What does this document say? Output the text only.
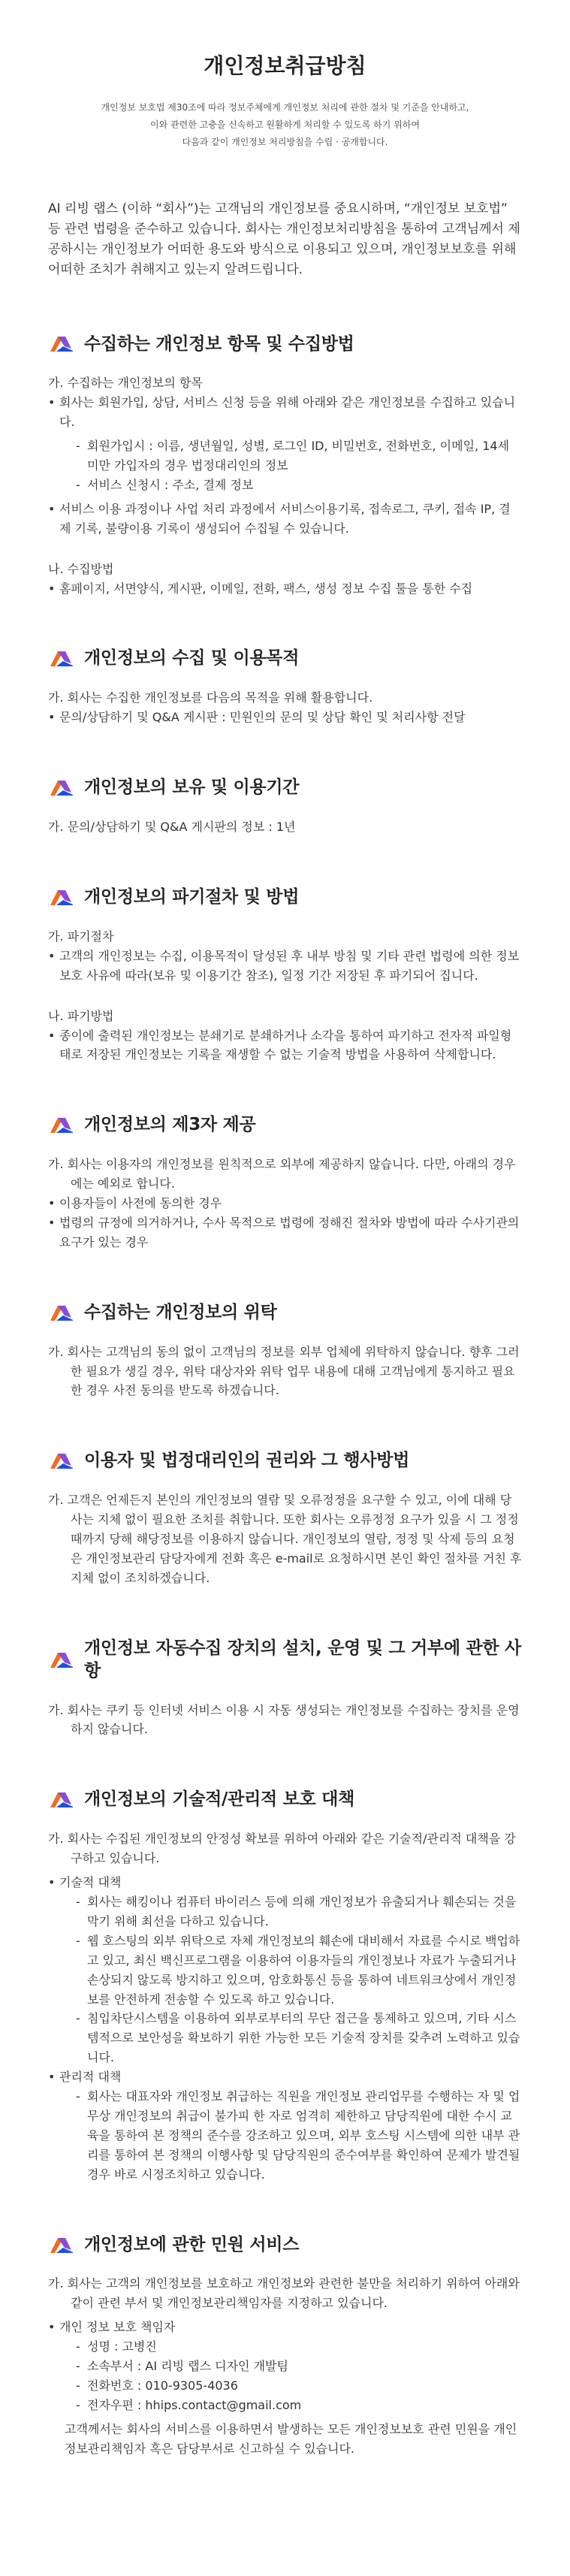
개인정보취급방침
개인정보 보호법 제30조에 따라 정보주체에게 개인정보 처리에 관한 절차 및 기준을 안내하고,
이와 관련한 고충을 신속하고 원활하게 처리할 수 있도록 하기 위하여
다음과 같이 개인정보 처리방침을 수립 · 공개합니다.

AI 리빙 랩스 (이하 “회사”)는 고객님의 개인정보를 중요시하며, “개인정보 보호법” 등 관련 법령을 준수하고 있습니다. 회사는 개인정보처리방침을 통하여 고객님께서 제공하시는 개인정보가 어떠한 용도와 방식으로 이용되고 있으며, 개인정보보호를 위해 어떠한 조치가 취해지고 있는지 알려드립니다.

수집하는 개인정보 항목 및 수집방법
가. 수집하는 개인정보의 항목
• 회사는 회원가입, 상담, 서비스 신청 등을 위해 아래와 같은 개인정보를 수집하고 있습니다.
- 회원가입시 : 이름, 생년월일, 성별, 로그인 ID, 비밀번호, 전화번호, 이메일, 14세 미만 가입자의 경우 법정대리인의 정보
- 서비스 신청시 : 주소, 결제 정보
• 서비스 이용 과정이나 사업 처리 과정에서 서비스이용기록, 접속로그, 쿠키, 접속 IP, 결제 기록, 불량이용 기록이 생성되어 수집될 수 있습니다.
나. 수집방법
• 홈페이지, 서면양식, 게시판, 이메일, 전화, 팩스, 생성 정보 수집 툴을 통한 수집
개인정보의 수집 및 이용목적
가. 회사는 수집한 개인정보를 다음의 목적을 위해 활용합니다.
• 문의/상담하기 및 Q&A 게시판 : 민원인의 문의 및 상담 확인 및 처리사항 전달
개인정보의 보유 및 이용기간
가. 문의/상담하기 및 Q&A 게시판의 정보 : 1년
개인정보의 파기절차 및 방법
가. 파기절차
• 고객의 개인정보는 수집, 이용목적이 달성된 후 내부 방침 및 기타 관련 법령에 의한 정보 보호 사유에 따라(보유 및 이용기간 참조), 일정 기간 저장된 후 파기되어 집니다.
나. 파기방법
• 종이에 출력된 개인정보는 분쇄기로 분쇄하거나 소각을 통하여 파기하고 전자적 파일형태로 저장된 개인정보는 기록을 재생할 수 없는 기술적 방법을 사용하여 삭제합니다.
개인정보의 제3자 제공
가. 회사는 이용자의 개인정보를 원칙적으로 외부에 제공하지 않습니다. 다만, 아래의 경우에는 예외로 합니다.
• 이용자들이 사전에 동의한 경우
• 법령의 규정에 의거하거나, 수사 목적으로 법령에 정해진 절차와 방법에 따라 수사기관의 요구가 있는 경우
수집하는 개인정보의 위탁
가. 회사는 고객님의 동의 없이 고객님의 정보를 외부 업체에 위탁하지 않습니다. 향후 그러한 필요가 생길 경우, 위탁 대상자와 위탁 업무 내용에 대해 고객님에게 통지하고 필요한 경우 사전 동의를 받도록 하겠습니다.
이용자 및 법정대리인의 권리와 그 행사방법
가. 고객은 언제든지 본인의 개인정보의 열람 및 오류정정을 요구할 수 있고, 이에 대해 당사는 지체 없이 필요한 조치를 취합니다. 또한 회사는 오류정정 요구가 있을 시 그 정정 때까지 당해 해당정보를 이용하지 않습니다. 개인정보의 열람, 정정 및 삭제 등의 요청은 개인정보관리 담당자에게 전화 혹은 e-mail로 요청하시면 본인 확인 절차를 거친 후 지체 없이 조치하겠습니다.
개인정보 자동수집 장치의 설치, 운영 및 그 거부에 관한 사항
가. 회사는 쿠키 등 인터넷 서비스 이용 시 자동 생성되는 개인정보를 수집하는 장치를 운영하지 않습니다.
개인정보의 기술적/관리적 보호 대책
가. 회사는 수집된 개인정보의 안정성 확보를 위하여 아래와 같은 기술적/관리적 대책을 강구하고 있습니다.
• 기술적 대책
- 회사는 해킹이나 컴퓨터 바이러스 등에 의해 개인정보가 유출되거나 훼손되는 것을 막기 위해 최선을 다하고 있습니다.
- 웹 호스팅의 외부 위탁으로 자체 개인정보의 훼손에 대비해서 자료를 수시로 백업하고 있고, 최신 백신프로그램을 이용하여 이용자들의 개인정보나 자료가 누출되거나 손상되지 않도록 방지하고 있으며, 암호화통신 등을 통하여 네트워크상에서 개인정보를 안전하게 전송할 수 있도록 하고 있습니다.
- 침입차단시스템을 이용하여 외부로부터의 무단 접근을 통제하고 있으며, 기타 시스템적으로 보안성을 확보하기 위한 가능한 모든 기술적 장치를 갖추려 노력하고 있습니다.
• 관리적 대책
- 회사는 대표자와 개인정보 취급하는 직원을 개인정보 관리업무를 수행하는 자 및 업무상 개인정보의 취급이 불가피 한 자로 엄격히 제한하고 담당직원에 대한 수시 교육을 통하여 본 정책의 준수를 강조하고 있으며, 외부 호스팅 시스템에 의한 내부 관리를 통하여 본 정책의 이행사항 및 담당직원의 준수여부를 확인하여 문제가 발견될 경우 바로 시정조치하고 있습니다.
개인정보에 관한 민원 서비스
가. 회사는 고객의 개인정보를 보호하고 개인정보와 관련한 불만을 처리하기 위하여 아래와 같이 관련 부서 및 개인정보관리책임자를 지정하고 있습니다.
• 개인 정보 보호 책임자
- 성명 : 고병진
- 소속부서 : AI 리빙 랩스 디자인 개발팀
- 전화번호 : 010-9305-4036
- 전자우편 : hhips.contact@gmail.com
고객께서는 회사의 서비스를 이용하면서 발생하는 모든 개인정보보호 관련 민원을 개인정보관리책임자 혹은 담당부서로 신고하실 수 있습니다.
